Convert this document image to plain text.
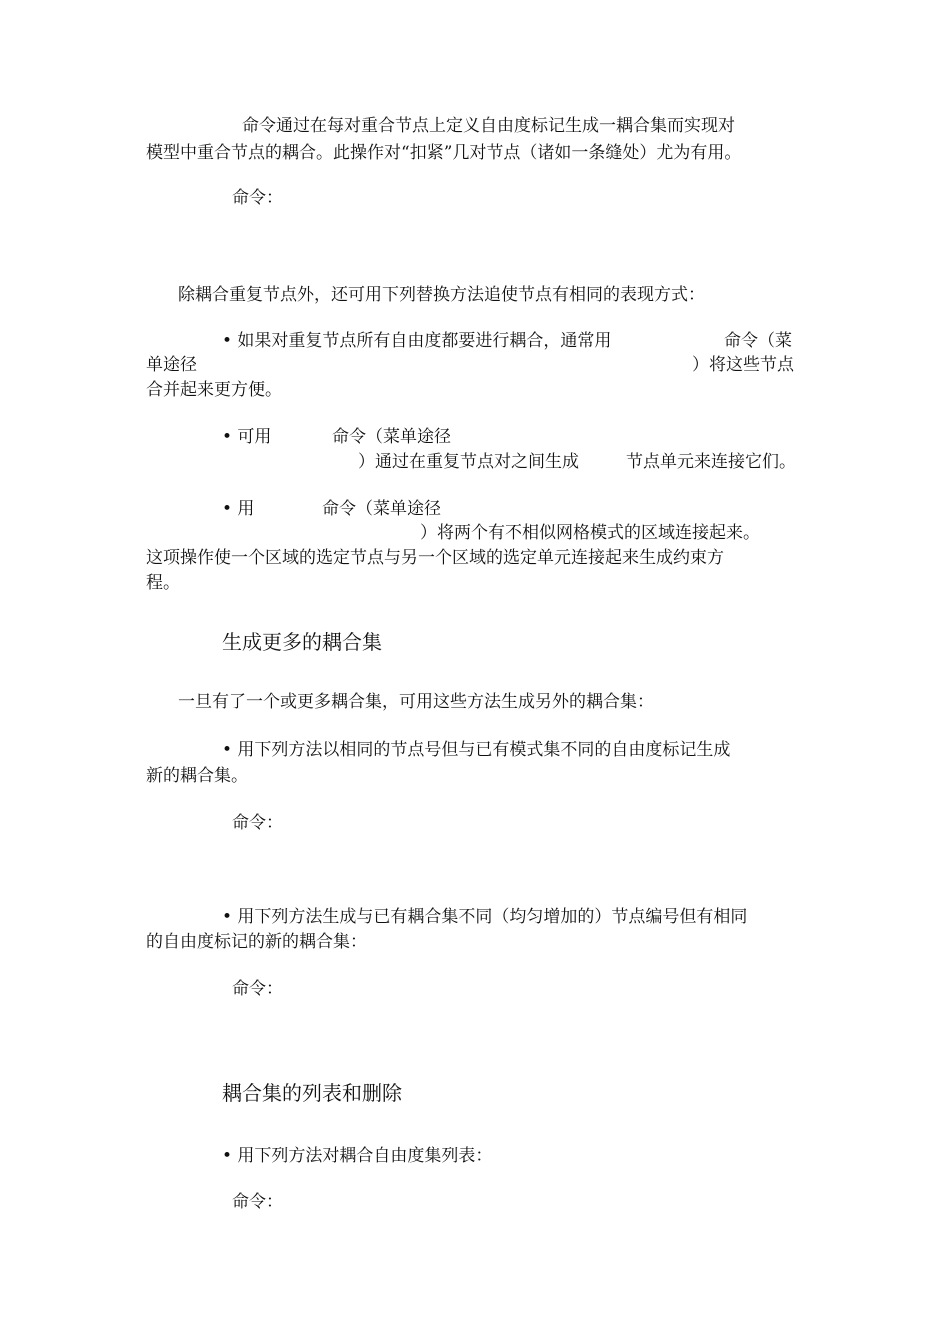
命令通过在每对重合节点上定义自由度标记生成一耦合集而实现对

模型中重合节点的耦合。此操作对“扣紧”几对节点（诸如一条缝处）尤为有用。

命令：

除耦合重复节点外，还可用下列替换方法追使节点有相同的表现方式：

• 如果对重复节点所有自由度都要进行耦合，通常用	命令（菜

单途径	）将这些节点

合并起来更方便。

• 可用	命令（菜单途径

）通过在重复节点对之间生成	节点单元来连接它们。

• 用	命令（菜单途径

）将两个有不相似网格模式的区域连接起来。

这项操作使一个区域的选定节点与另一个区域的选定单元连接起来生成约束方

程。

生成更多的耦合集

一旦有了一个或更多耦合集，可用这些方法生成另外的耦合集：

• 用下列方法以相同的节点号但与已有模式集不同的自由度标记生成

新的耦合集。

命令：

• 用下列方法生成与已有耦合集不同（均匀增加的）节点编号但有相同

的自由度标记的新的耦合集：

命令：

耦合集的列表和删除

• 用下列方法对耦合自由度集列表：

命令：
